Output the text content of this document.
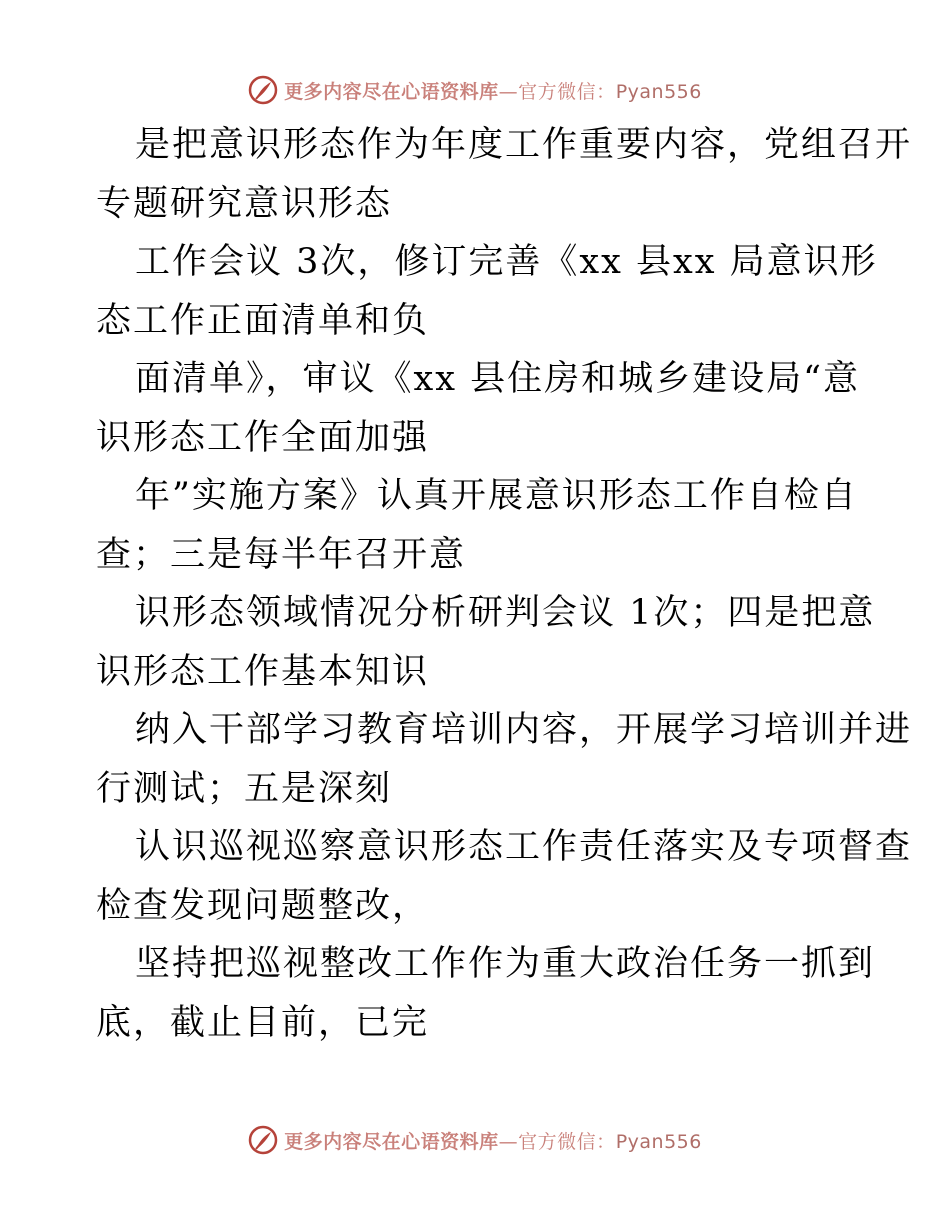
更多内容尽在心语资料库—官方微信：Pyan556
是把意识形态作为年度工作重要内容，党组召开
专题研究意识形态
工作会议 3次，修订完善《xx 县xx 局意识形
态工作正面清单和负
面清单》，审议《xx 县住房和城乡建设局“意
识形态工作全面加强
年”实施方案》认真开展意识形态工作自检自
查；三是每半年召开意
识形态领域情况分析研判会议 1次；四是把意
识形态工作基本知识
纳入干部学习教育培训内容，开展学习培训并进
行测试；五是深刻
认识巡视巡察意识形态工作责任落实及专项督查
检查发现问题整改，
坚持把巡视整改工作作为重大政治任务一抓到
底，截止目前，已完
更多内容尽在心语资料库—官方微信：Pyan556
